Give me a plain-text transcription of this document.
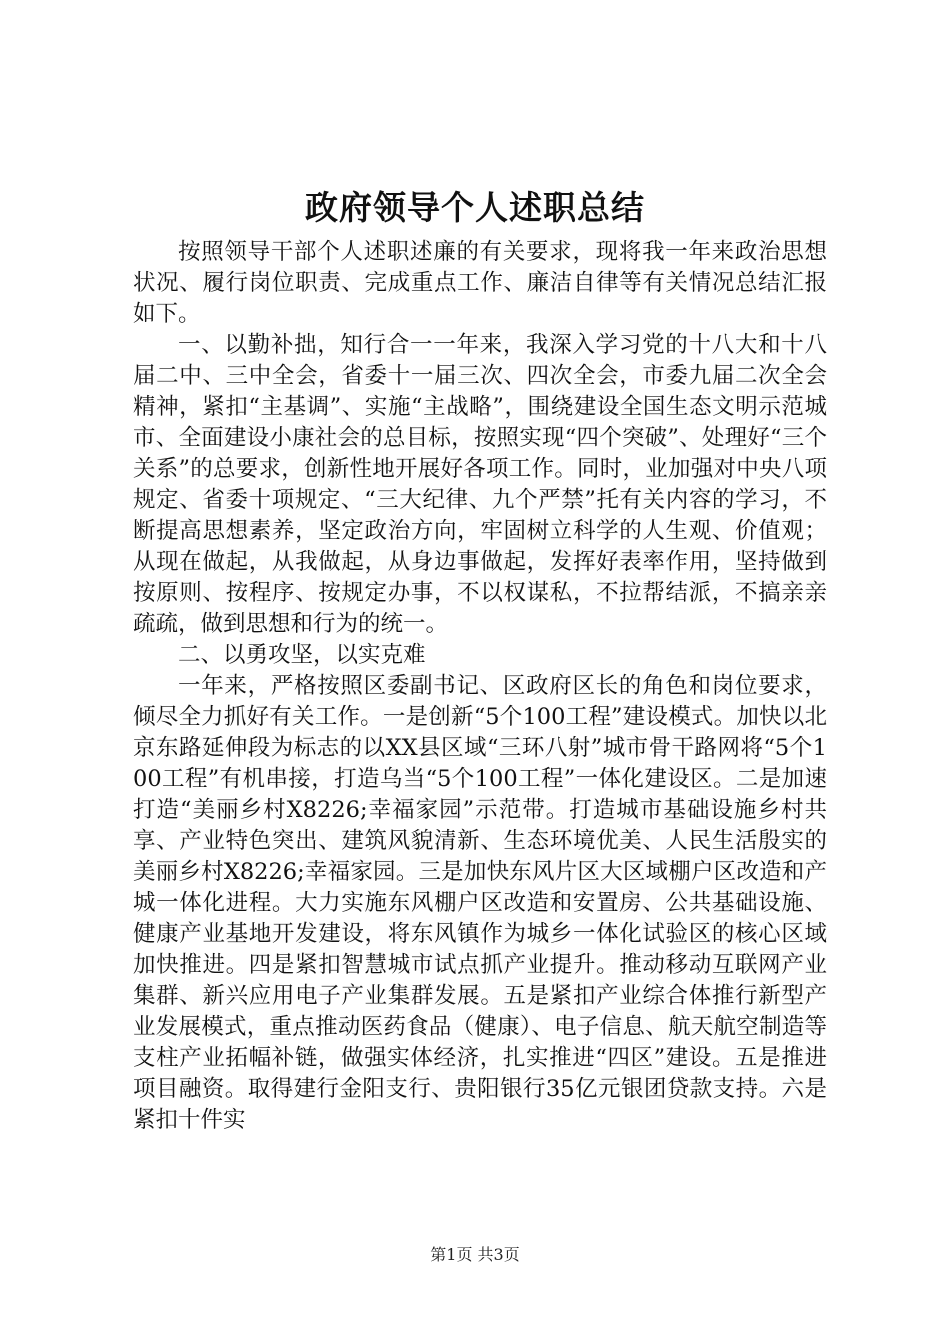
政府领导个人述职总结

按照领导干部个人述职述廉的有关要求，现将我一年来政治思想状况、履行岗位职责、完成重点工作、廉洁自律等有关情况总结汇报如下。

一、以勤补拙，知行合一一年来，我深入学习党的十八大和十八届二中、三中全会，省委十一届三次、四次全会，市委九届二次全会精神，紧扣“主基调”、实施“主战略”，围绕建设全国生态文明示范城市、全面建设小康社会的总目标，按照实现“四个突破”、处理好“三个关系”的总要求，创新性地开展好各项工作。同时，业加强对中央八项规定、省委十项规定、“三大纪律、九个严禁”托有关内容的学习，不断提高思想素养，坚定政治方向，牢固树立科学的人生观、价值观；从现在做起，从我做起，从身边事做起，发挥好表率作用，坚持做到按原则、按程序、按规定办事，不以权谋私，不拉帮结派，不搞亲亲疏疏，做到思想和行为的统一。

二、以勇攻坚，以实克难

一年来，严格按照区委副书记、区政府区长的角色和岗位要求，倾尽全力抓好有关工作。一是创新“5个100工程”建设模式。加快以北京东路延伸段为标志的以XX县区域“三环八射”城市骨干路网将“5个100工程”有机串接，打造乌当“5个100工程”一体化建设区。二是加速打造“美丽乡村X8226;幸福家园”示范带。打造城市基础设施乡村共享、产业特色突出、建筑风貌清新、生态环境优美、人民生活殷实的美丽乡村X8226;幸福家园。三是加快东风片区大区域棚户区改造和产城一体化进程。大力实施东风棚户区改造和安置房、公共基础设施、健康产业基地开发建设，将东风镇作为城乡一体化试验区的核心区域加快推进。四是紧扣智慧城市试点抓产业提升。推动移动互联网产业集群、新兴应用电子产业集群发展。五是紧扣产业综合体推行新型产业发展模式，重点推动医药食品（健康）、电子信息、航天航空制造等支柱产业拓幅补链，做强实体经济，扎实推进“四区”建设。五是推进项目融资。取得建行金阳支行、贵阳银行35亿元银团贷款支持。六是紧扣十件实

第1页 共3页
